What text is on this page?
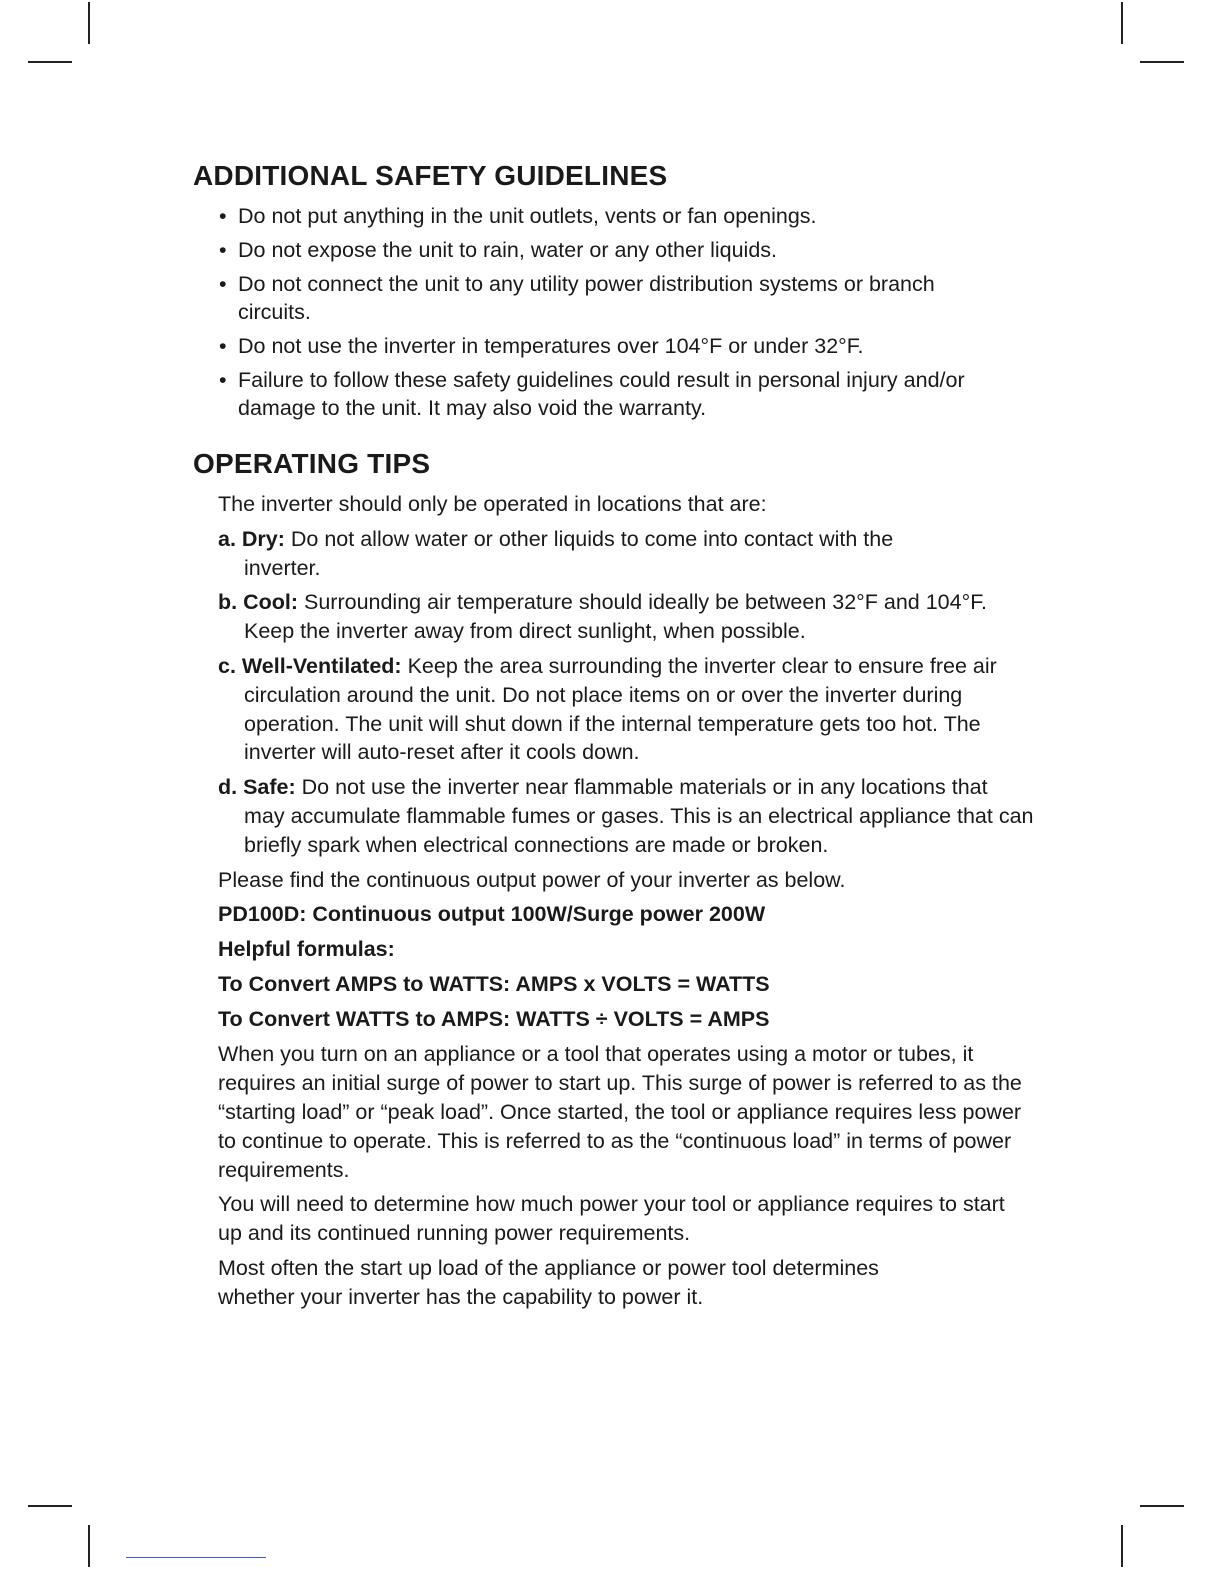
ADDITIONAL SAFETY GUIDELINES
• Do not put anything in the unit outlets, vents or fan openings.
• Do not expose the unit to rain, water or any other liquids.
• Do not connect the unit to any utility power distribution systems or branch circuits.
• Do not use the inverter in temperatures over 104°F or under 32°F.
• Failure to follow these safety guidelines could result in personal injury and/or damage to the unit. It may also void the warranty.
OPERATING TIPS

The inverter should only be operated in locations that are:

a. Dry: Do not allow water or other liquids to come into contact with the inverter.

b. Cool: Surrounding air temperature should ideally be between 32°F and 104°F. Keep the inverter away from direct sunlight, when possible.

c. Well-Ventilated: Keep the area surrounding the inverter clear to ensure free air circulation around the unit. Do not place items on or over the inverter during operation. The unit will shut down if the internal temperature gets too hot. The inverter will auto-reset after it cools down.

d. Safe: Do not use the inverter near flammable materials or in any locations that may accumulate flammable fumes or gases. This is an electrical appliance that can briefly spark when electrical connections are made or broken.

Please find the continuous output power of your inverter as below.

PD100D: Continuous output 100W/Surge power 200W

Helpful formulas:

To Convert AMPS to WATTS: AMPS x VOLTS = WATTS

To Convert WATTS to AMPS: WATTS ÷ VOLTS = AMPS

When you turn on an appliance or a tool that operates using a motor or tubes, it requires an initial surge of power to start up. This surge of power is referred to as the “starting load” or “peak load”. Once started, the tool or appliance requires less power to continue to operate. This is referred to as the “continuous load” in terms of power requirements.

You will need to determine how much power your tool or appliance requires to start up and its continued running power requirements.

Most often the start up load of the appliance or power tool determines whether your inverter has the capability to power it.
